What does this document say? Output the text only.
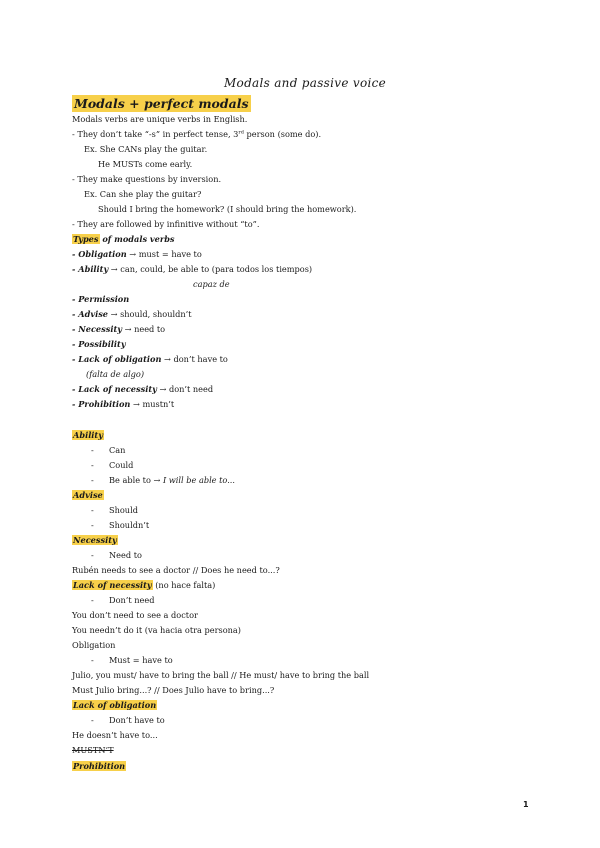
Modals and passive voice
Modals + perfect modals
Modals verbs are unique verbs in English.
- They don’t take “-s” in perfect tense, 3rd person (some do).
Ex. She CANs play the guitar.
He MUSTs come early.
- They make questions by inversion.
Ex. Can she play the guitar?
Should I bring the homework? (I should bring the homework).
- They are followed by infinitive without “to”.
Types of modals verbs
- Obligation → must = have to
- Ability → can, could, be able to (para todos los tiempos)
capaz de
- Permission
- Advise → should, shouldn’t
- Necessity → need to
- Possibility
- Lack of obligation → don’t have to
(falta de algo)
- Lack of necessity → don’t need
- Prohibition → mustn’t
Ability
- Can
- Could
- Be able to → I will be able to...
Advise
- Should
- Shouldn’t
Necessity
- Need to
Rubén needs to see a doctor // Does he need to...?
Lack of necessity (no hace falta)
- Don’t need
You don’t need to see a doctor
You needn’t do it (va hacia otra persona)
Obligation
- Must = have to
Julio, you must/ have to bring the ball // He must/ have to bring the ball
Must Julio bring...? // Does Julio have to bring...?
Lack of obligation
- Don’t have to
He doesn’t have to...
MUSTN’T
Prohibition
1
